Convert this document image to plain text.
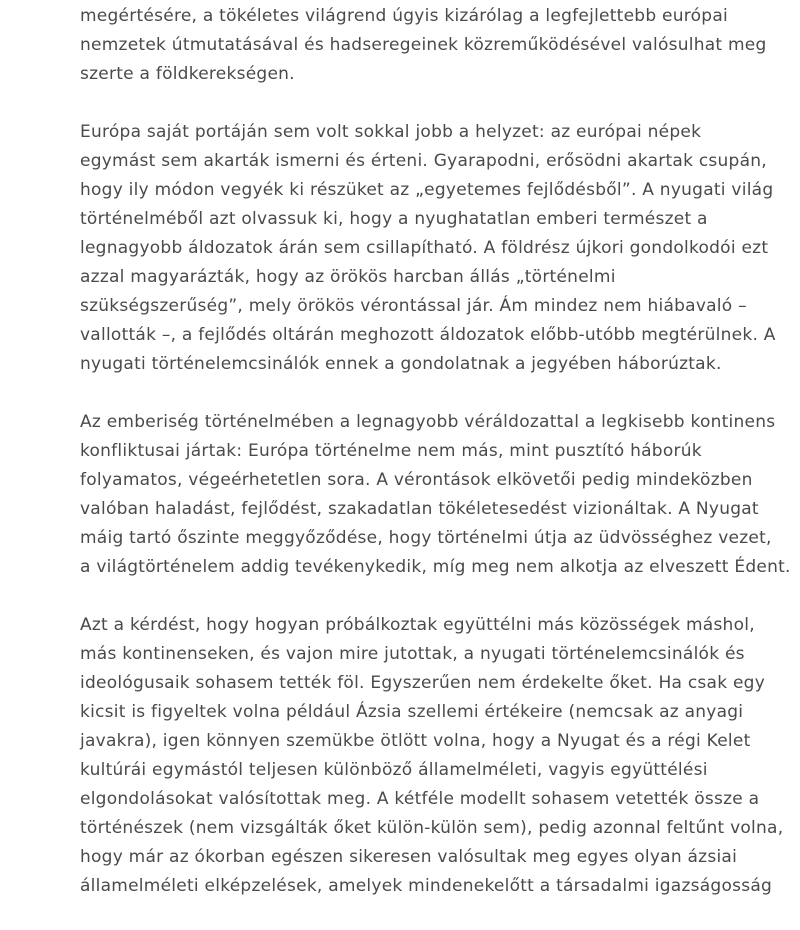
megértésére, a tökéletes világrend úgyis kizárólag a legfejlettebb európai
nemzetek útmutatásával és hadseregeinek közreműködésével valósulhat meg
szerte a földkerekségen.

Európa saját portáján sem volt sokkal jobb a helyzet: az európai népek
egymást sem akarták ismerni és érteni. Gyarapodni, erősödni akartak csupán,
hogy ily módon vegyék ki részüket az „egyetemes fejlődésből”. A nyugati világ
történelméből azt olvassuk ki, hogy a nyughatatlan emberi természet a
legnagyobb áldozatok árán sem csillapítható. A földrész újkori gondolkodói ezt
azzal magyarázták, hogy az örökös harcban állás „történelmi
szükségszerűség”, mely örökös vérontással jár. Ám mindez nem hiábavaló –
vallották –, a fejlődés oltárán meghozott áldozatok előbb-utóbb megtérülnek. A
nyugati történelemcsinálók ennek a gondolatnak a jegyében háborúztak.

Az emberiség történelmében a legnagyobb véráldozattal a legkisebb kontinens
konfliktusai jártak: Európa történelme nem más, mint pusztító háborúk
folyamatos, végeérhetetlen sora. A vérontások elkövetői pedig mindeközben
valóban haladást, fejlődést, szakadatlan tökéletesedést vizionáltak. A Nyugat
máig tartó őszinte meggyőződése, hogy történelmi útja az üdvösséghez vezet,
a világtörténelem addig tevékenykedik, míg meg nem alkotja az elveszett Édent.

Azt a kérdést, hogy hogyan próbálkoztak együttélni más közösségek máshol,
más kontinenseken, és vajon mire jutottak, a nyugati történelemcsinálók és
ideológusaik sohasem tették föl. Egyszerűen nem érdekelte őket. Ha csak egy
kicsit is figyeltek volna például Ázsia szellemi értékeire (nemcsak az anyagi
javakra), igen könnyen szemükbe ötlött volna, hogy a Nyugat és a régi Kelet
kultúrái egymástól teljesen különböző államelméleti, vagyis együttélési
elgondolásokat valósítottak meg. A kétféle modellt sohasem vetették össze a
történészek (nem vizsgálták őket külön-külön sem), pedig azonnal feltűnt volna,
hogy már az ókorban egészen sikeresen valósultak meg egyes olyan ázsiai
államelméleti elképzelések, amelyek mindenekelőtt a társadalmi igazságosság
